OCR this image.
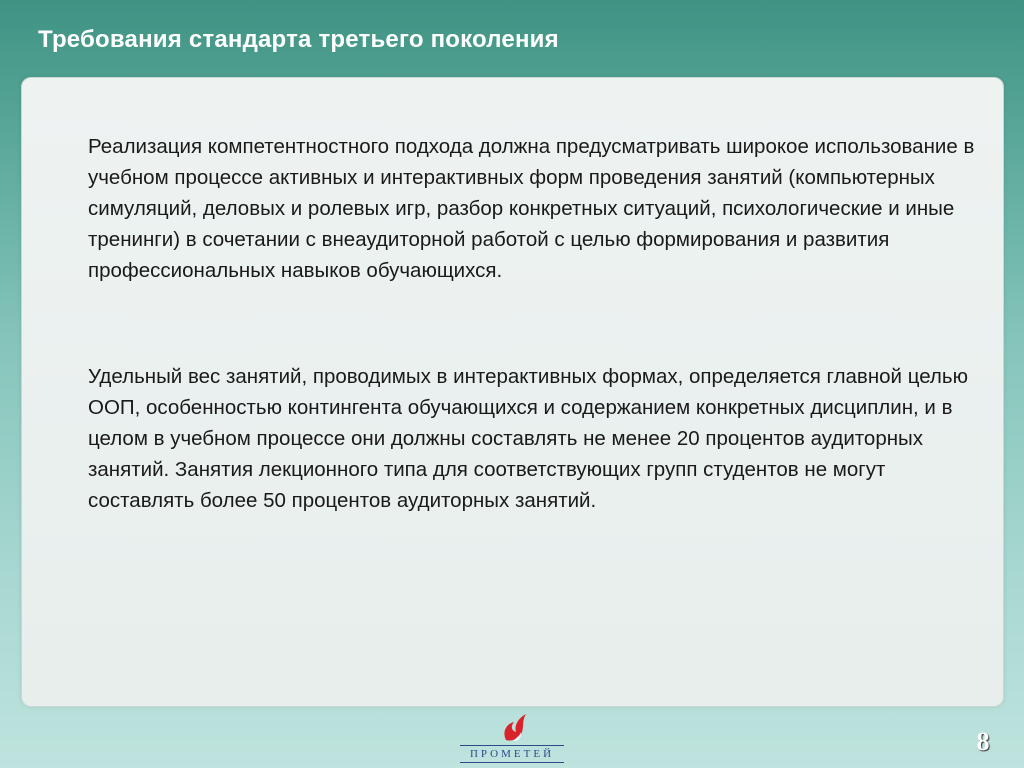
Требования стандарта третьего поколения

Реализация компетентностного подхода должна предусматривать широкое использование в учебном процессе активных и интерактивных форм проведения занятий (компьютерных симуляций, деловых и ролевых игр, разбор конкретных ситуаций, психологические и иные тренинги) в сочетании с внеаудиторной работой с целью формирования и развития профессиональных навыков обучающихся.

Удельный вес занятий, проводимых в интерактивных формах, определяется главной целью ООП, особенностью контингента обучающихся и содержанием конкретных дисциплин, и в целом в учебном процессе они должны составлять не менее 20 процентов аудиторных занятий. Занятия лекционного типа для соответствующих групп студентов не могут составлять более 50 процентов аудиторных занятий.

ПРОМЕТЕЙ	8
